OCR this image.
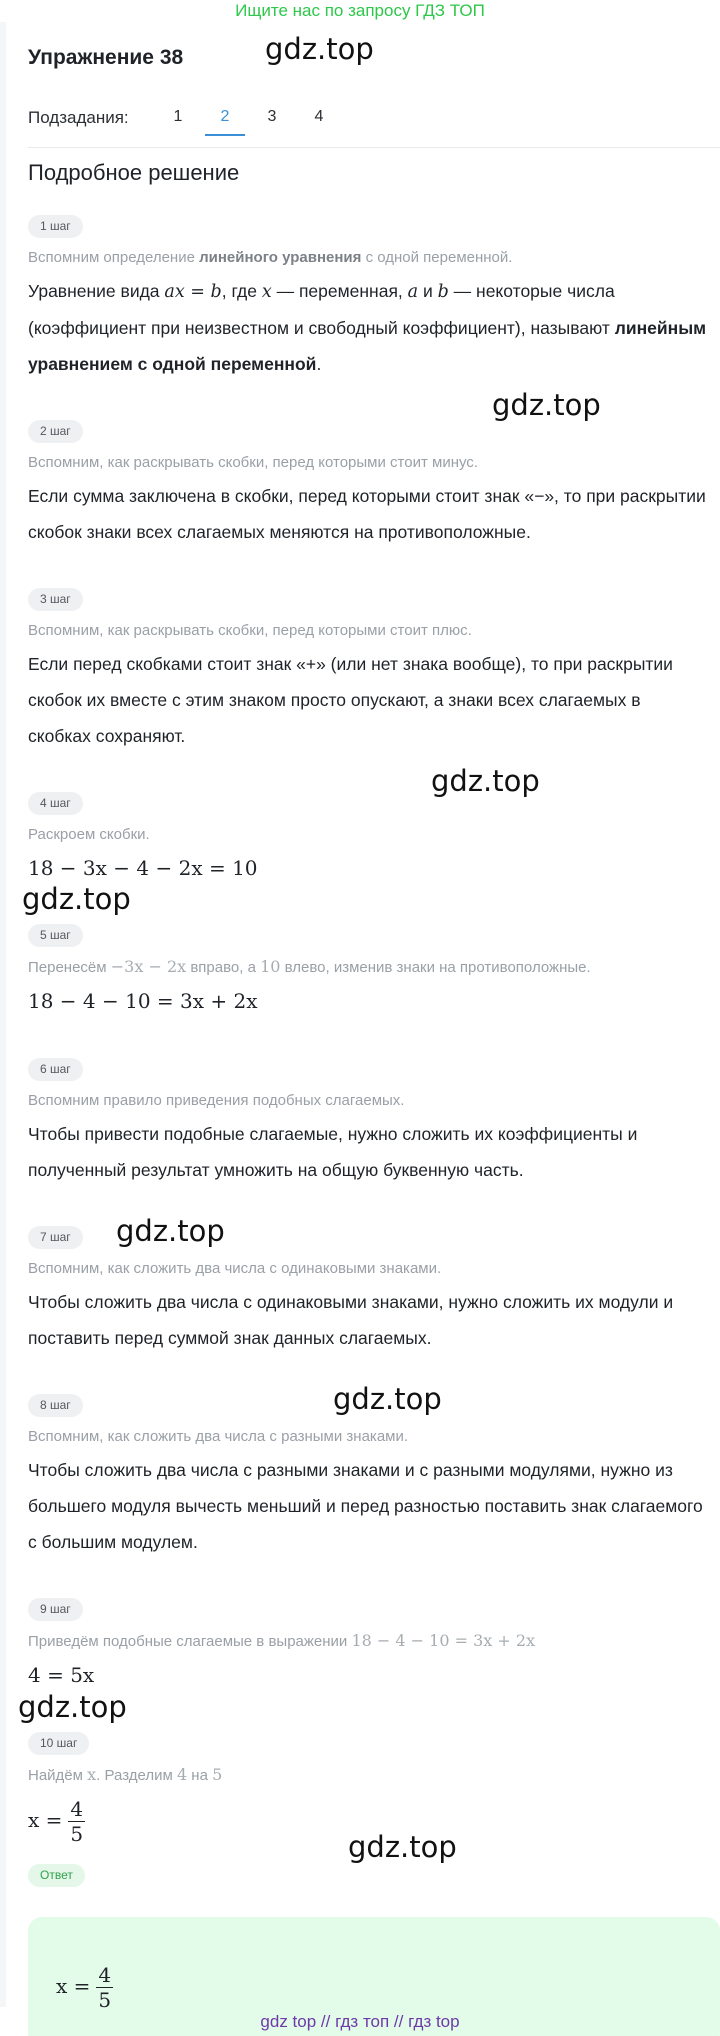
Ищите нас по запросу ГДЗ ТОП
Упражнение 38
Подзадания:	1	2	3	4
Подробное решение
1 шаг
Вспомним определение линейного уравнения с одной переменной.
Уравнение вида ax = b, где x — переменная, a и b — некоторые числа (коэффициент при неизвестном и свободный коэффициент), называют линейным уравнением с одной переменной.
2 шаг
Вспомним, как раскрывать скобки, перед которыми стоит минус.
Если сумма заключена в скобки, перед которыми стоит знак «−», то при раскрытии скобок знаки всех слагаемых меняются на противоположные.
3 шаг
Вспомним, как раскрывать скобки, перед которыми стоит плюс.
Если перед скобками стоит знак «+» (или нет знака вообще), то при раскрытии скобок их вместе с этим знаком просто опускают, а знаки всех слагаемых в скобках сохраняют.
4 шаг
Раскроем скобки.
18 − 3x − 4 − 2x = 10
5 шаг
Перенесём −3x − 2x вправо, а 10 влево, изменив знаки на противоположные.
18 − 4 − 10 = 3x + 2x
6 шаг
Вспомним правило приведения подобных слагаемых.
Чтобы привести подобные слагаемые, нужно сложить их коэффициенты и полученный результат умножить на общую буквенную часть.
7 шаг
Вспомним, как сложить два числа с одинаковыми знаками.
Чтобы сложить два числа с одинаковыми знаками, нужно сложить их модули и поставить перед суммой знак данных слагаемых.
8 шаг
Вспомним, как сложить два числа с разными знаками.
Чтобы сложить два числа с разными знаками и с разными модулями, нужно из большего модуля вычесть меньший и перед разностью поставить знак слагаемого с большим модулем.
9 шаг
Приведём подобные слагаемые в выражении 18 − 4 − 10 = 3x + 2x
4 = 5x
10 шаг
Найдём x. Разделим 4 на 5
$x = \frac{4}{5}$
Ответ
$x = \frac{4}{5}$
gdz.top
gdz.top
gdz.top
gdz.top
gdz.top
gdz.top
gdz.top
gdz.top
gdz top // гдз топ // гдз top
